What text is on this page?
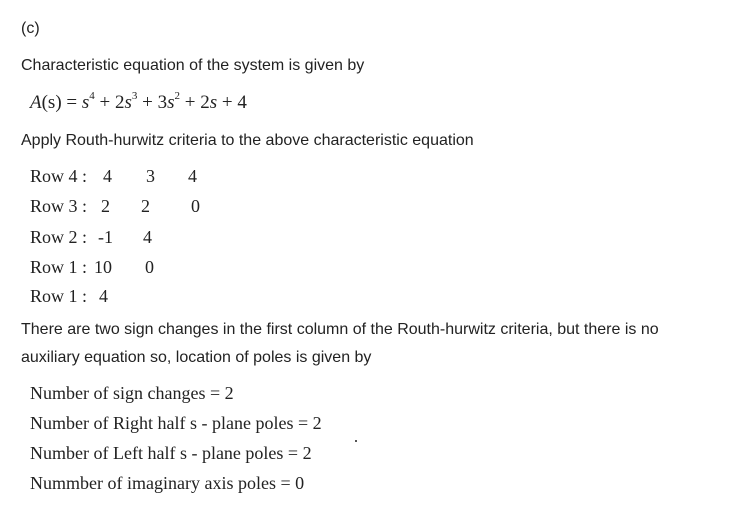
(c)
Characteristic equation of the system is given by
$A(s) = s^4 + 2s^3 + 3s^2 + 2s + 4$
Apply Routh-hurwitz criteria to the above characteristic equation
Row 4 : 4 3 4
Row 3 : 2 2 0
Row 2 : -1 4
Row 1 : 10 0
Row 1 : 4
There are two sign changes in the first column of the Routh-hurwitz criteria, but there is no
auxiliary equation so, location of poles is given by
Number of sign changes = 2
Number of Right half s - plane poles = 2
Number of Left half s - plane poles = 2
Nummber of imaginary axis poles = 0
